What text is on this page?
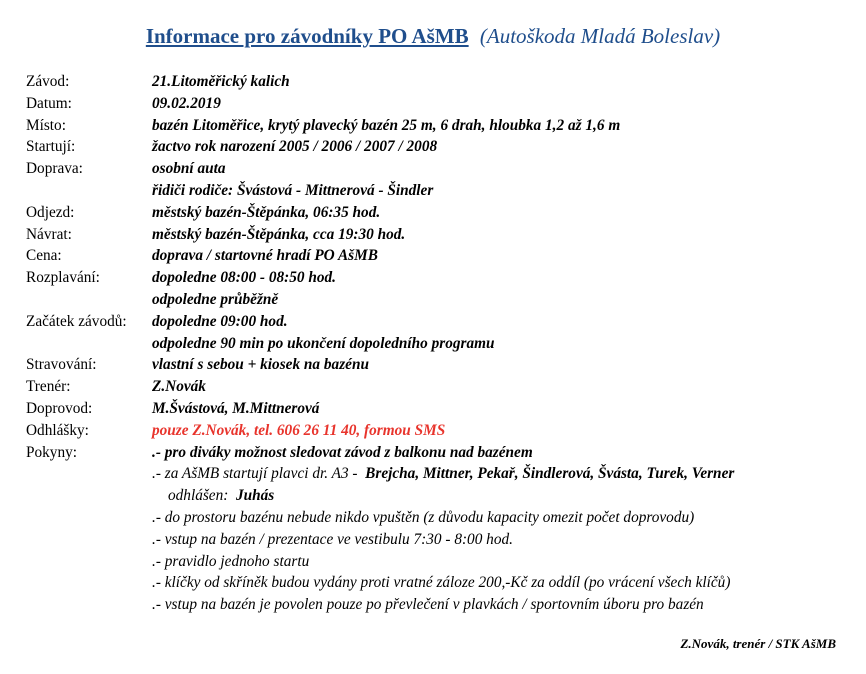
Informace pro závodníky PO AšMB (Autoškoda Mladá Boleslav)
Závod:	21.Litoměřický kalich
Datum:	09.02.2019
Místo:	bazén Litoměřice, krytý plavecký bazén 25 m, 6 drah, hloubka 1,2 až 1,6 m
Startují:	žactvo rok narození 2005 / 2006 / 2007 / 2008
Doprava:	osobní auta
řidiči rodiče: Švástová - Mittnerová - Šindler
Odjezd:	městský bazén-Štěpánka, 06:35 hod.
Návrat:	městský bazén-Štěpánka, cca 19:30 hod.
Cena:	doprava / startovné hradí PO AšMB
Rozplavání:	dopoledne 08:00 - 08:50 hod.
odpoledne průběžně
Začátek závodů:	dopoledne 09:00 hod.
odpoledne 90 min po ukončení dopoledního programu
Stravování:	vlastní s sebou + kiosek na bazénu
Trenér:	Z.Novák
Doprovod:	M.Švástová, M.Mittnerová
Odhlášky:	pouze Z.Novák, tel. 606 26 11 40, formou SMS
Pokyny:	.- pro diváky možnost sledovat závod z balkonu nad bazénem
.- za AšMB startují plavci dr. A3 - Brejcha, Mittner, Pekař, Šindlerová, Švásta, Turek, Verner
odhlášen: Juhás
.- do prostoru bazénu nebude nikdo vpuštěn (z důvodu kapacity omezit počet doprovodu)
.- vstup na bazén / prezentace ve vestibulu 7:30 - 8:00 hod.
.- pravidlo jednoho startu
.- klíčky od skříněk budou vydány proti vratné záloze 200,-Kč za oddíl (po vrácení všech klíčů)
.- vstup na bazén je povolen pouze po převlečení v plavkách / sportovním úboru pro bazén
Z.Novák, trenér / STK AšMB
